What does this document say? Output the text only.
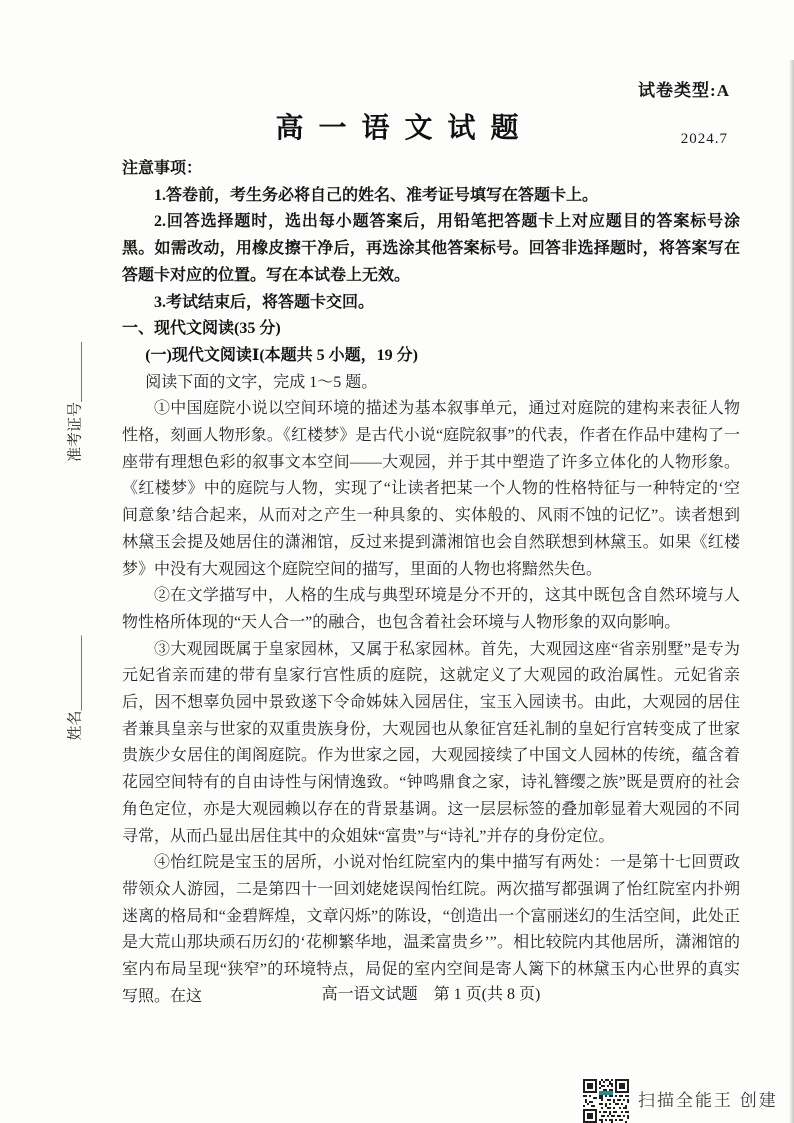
试卷类型:A
高一语文试题	2024.7
准考证号＿＿＿＿
姓名＿＿＿＿＿

注意事项：

1.答卷前，考生务必将自己的姓名、准考证号填写在答题卡上。

2.回答选择题时，选出每小题答案后，用铅笔把答题卡上对应题目的答案标号涂黑。如需改动，用橡皮擦干净后，再选涂其他答案标号。回答非选择题时，将答案写在答题卡对应的位置。写在本试卷上无效。

3.考试结束后，将答题卡交回。

一、现代文阅读(35 分)

(一)现代文阅读Ⅰ(本题共 5 小题，19 分)

阅读下面的文字，完成 1～5 题。

①中国庭院小说以空间环境的描述为基本叙事单元，通过对庭院的建构来表征人物性格，刻画人物形象。《红楼梦》是古代小说“庭院叙事”的代表，作者在作品中建构了一座带有理想色彩的叙事文本空间——大观园，并于其中塑造了许多立体化的人物形象。《红楼梦》中的庭院与人物，实现了“让读者把某一个人物的性格特征与一种特定的‘空间意象’结合起来，从而对之产生一种具象的、实体般的、风雨不蚀的记忆”。读者想到林黛玉会提及她居住的潇湘馆，反过来提到潇湘馆也会自然联想到林黛玉。如果《红楼梦》中没有大观园这个庭院空间的描写，里面的人物也将黯然失色。

②在文学描写中，人格的生成与典型环境是分不开的，这其中既包含自然环境与人物性格所体现的“天人合一”的融合，也包含着社会环境与人物形象的双向影响。

③大观园既属于皇家园林，又属于私家园林。首先，大观园这座“省亲别墅”是专为元妃省亲而建的带有皇家行宫性质的庭院，这就定义了大观园的政治属性。元妃省亲后，因不想辜负园中景致遂下令命姊妹入园居住，宝玉入园读书。由此，大观园的居住者兼具皇亲与世家的双重贵族身份，大观园也从象征宫廷礼制的皇妃行宫转变成了世家贵族少女居住的闺阁庭院。作为世家之园，大观园接续了中国文人园林的传统，蕴含着花园空间特有的自由诗性与闲情逸致。“钟鸣鼎食之家，诗礼簪缨之族”既是贾府的社会角色定位，亦是大观园赖以存在的背景基调。这一层层标签的叠加彰显着大观园的不同寻常，从而凸显出居住其中的众姐妹“富贵”与“诗礼”并存的身份定位。

④怡红院是宝玉的居所，小说对怡红院室内的集中描写有两处：一是第十七回贾政带领众人游园，二是第四十一回刘姥姥误闯怡红院。两次描写都强调了怡红院室内扑朔迷离的格局和“金碧辉煌，文章闪烁”的陈设，“创造出一个富丽迷幻的生活空间，此处正是大荒山那块顽石历幻的‘花柳繁华地，温柔富贵乡’”。相比较院内其他居所，潇湘馆的室内布局呈现“狭窄”的环境特点，局促的室内空间是寄人篱下的林黛玉内心世界的真实写照。在这	高一语文试题　第 1 页(共 8 页)
扫描全能王 创建
